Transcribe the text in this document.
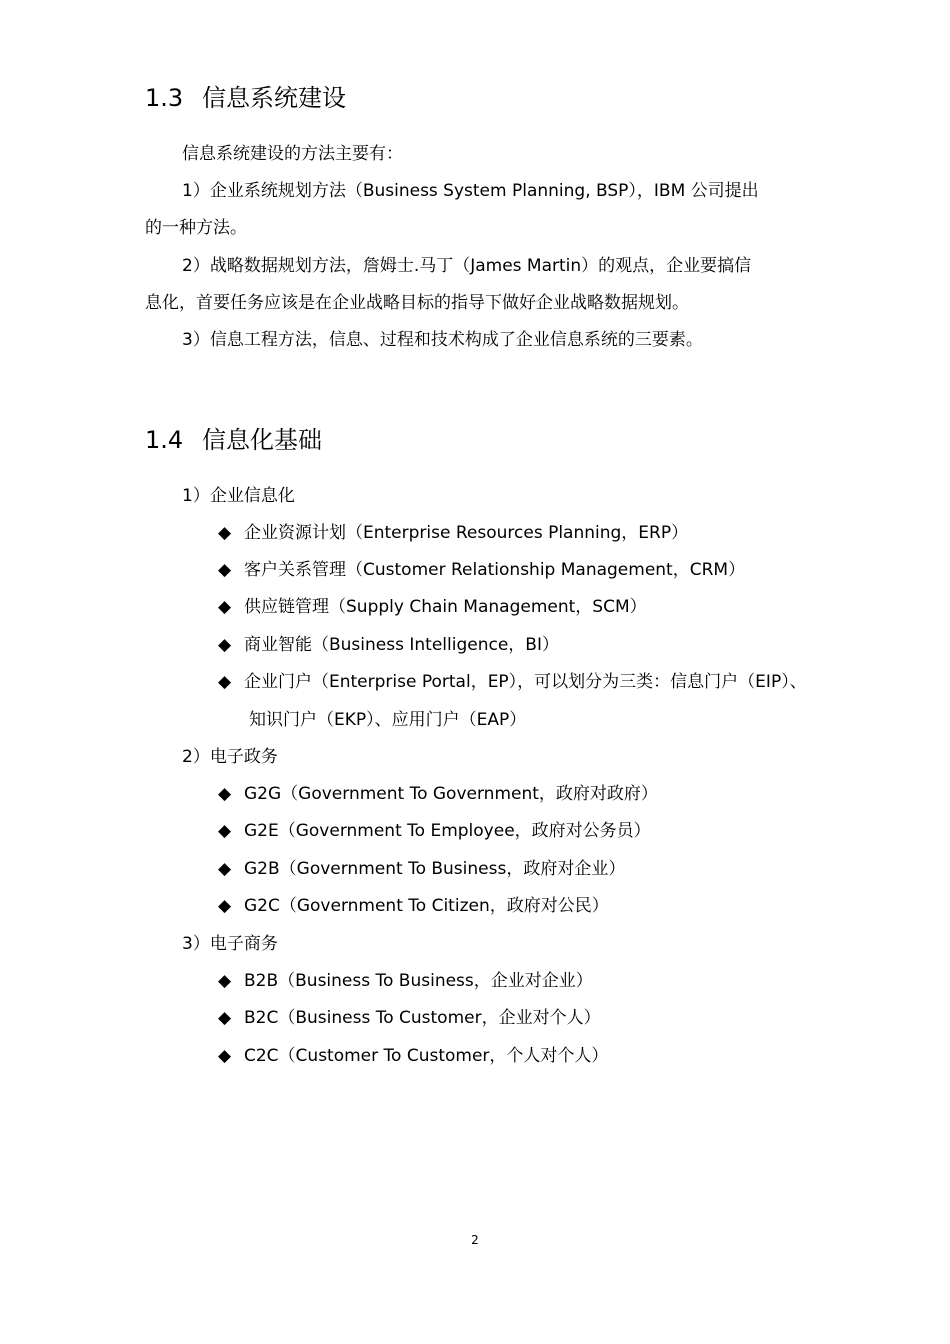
1.3 信息系统建设
信息系统建设的方法主要有：
1）企业系统规划方法（Business System Planning, BSP），IBM 公司提出
的一种方法。
2）战略数据规划方法，詹姆士.马丁（James Martin）的观点，企业要搞信
息化，首要任务应该是在企业战略目标的指导下做好企业战略数据规划。
3）信息工程方法，信息、过程和技术构成了企业信息系统的三要素。
1.4 信息化基础
1）企业信息化
◆ 企业资源计划（Enterprise Resources Planning，ERP）
◆ 客户关系管理（Customer Relationship Management，CRM）
◆ 供应链管理（Supply Chain Management，SCM）
◆ 商业智能（Business Intelligence，BI）
◆ 企业门户（Enterprise Portal，EP），可以划分为三类：信息门户（EIP）、
知识门户（EKP）、应用门户（EAP）
2）电子政务
◆ G2G（Government To Government，政府对政府）
◆ G2E（Government To Employee，政府对公务员）
◆ G2B（Government To Business，政府对企业）
◆ G2C（Government To Citizen，政府对公民）
3）电子商务
◆ B2B（Business To Business，企业对企业）
◆ B2C（Business To Customer，企业对个人）
◆ C2C（Customer To Customer，个人对个人）
2
